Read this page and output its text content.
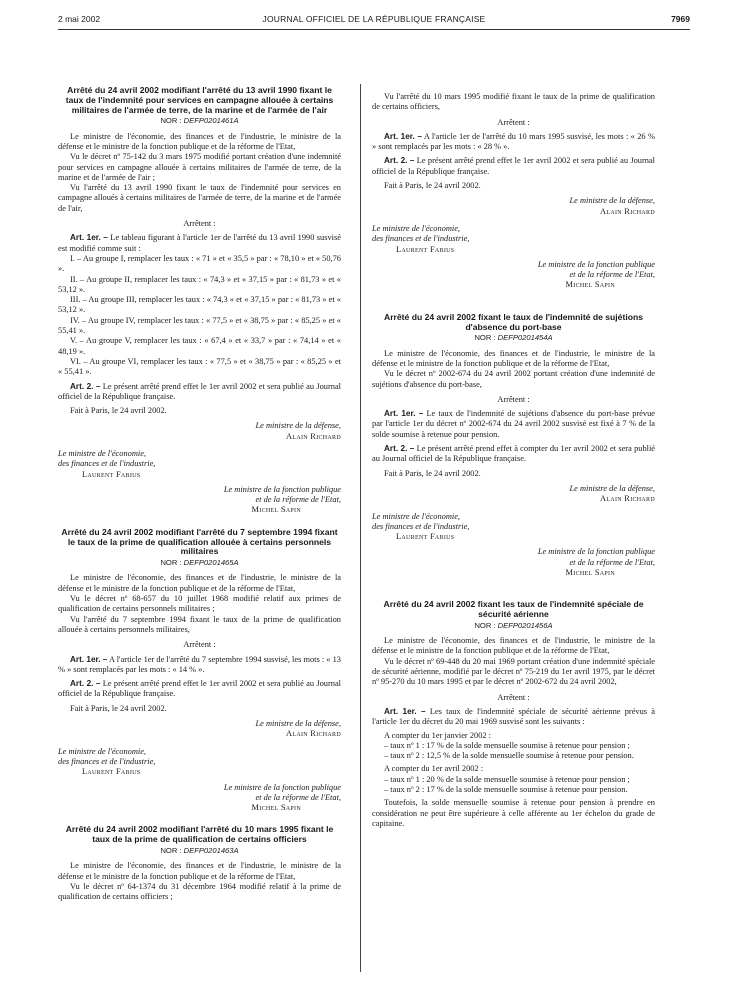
2 mai 2002	JOURNAL OFFICIEL DE LA RÉPUBLIQUE FRANÇAISE	7969

Arrêté du 24 avril 2002 modifiant l'arrêté du 13 avril 1990 fixant le taux de l'indemnité pour services en campagne allouée à certains militaires de l'armée de terre, de la marine et de l'armée de l'air

NOR : DEFP0201461A

Le ministre de l'économie, des finances et de l'industrie, le ministre de la défense et le ministre de la fonction publique et de la réforme de l'Etat,

Vu le décret nº 75-142 du 3 mars 1975 modifié portant création d'une indemnité pour services en campagne allouée à certains militaires de l'armée de terre, de la marine et de l'armée de l'air ;

Vu l'arrêté du 13 avril 1990 fixant le taux de l'indemnité pour services en campagne alloués à certains militaires de l'armée de terre, de la marine et de l'armée de l'air,

Arrêtent :

Art. 1er. – Le tableau figurant à l'article 1er de l'arrêté du 13 avril 1990 susvisé est modifié comme suit :

I. – Au groupe I, remplacer les taux : « 71 » et « 35,5 » par : « 78,10 » et « 50,76 ».

II. – Au groupe II, remplacer les taux : « 74,3 » et « 37,15 » par : « 81,73 » et « 53,12 ».

III. – Au groupe III, remplacer les taux : « 74,3 » et « 37,15 » par : « 81,73 » et « 53,12 ».

IV. – Au groupe IV, remplacer les taux : « 77,5 » et « 38,75 » par : « 85,25 » et « 55,41 ».

V. – Au groupe V, remplacer les taux : « 67,4 » et « 33,7 » par : « 74,14 » et « 48,19 ».

VI. – Au groupe VI, remplacer les taux : « 77,5 » et « 38,75 » par : « 85,25 » et « 55,41 ».

Art. 2. – Le présent arrêté prend effet le 1er avril 2002 et sera publié au Journal officiel de la République française.

Fait à Paris, le 24 avril 2002.

Le ministre de la défense,
Alain Richard
Le ministre de l'économie,
des finances et de l'industrie,
Laurent Fabius
Le ministre de la fonction publique
et de la réforme de l'Etat,
Michel Sapin

Arrêté du 24 avril 2002 modifiant l'arrêté du 7 septembre 1994 fixant le taux de la prime de qualification allouée à certains personnels militaires

NOR : DEFP0201465A

Le ministre de l'économie, des finances et de l'industrie, le ministre de la défense et le ministre de la fonction publique et de la réforme de l'Etat,

Vu le décret nº 68-657 du 10 juillet 1968 modifié relatif aux primes de qualification de certains personnels militaires ;

Vu l'arrêté du 7 septembre 1994 fixant le taux de la prime de qualification allouée à certains personnels militaires,

Arrêtent :

Art. 1er. – A l'article 1er de l'arrêté du 7 septembre 1994 susvisé, les mots : « 13 % » sont remplacés par les mots : « 14 % ».

Art. 2. – Le présent arrêté prend effet le 1er avril 2002 et sera publié au Journal officiel de la République française.

Fait à Paris, le 24 avril 2002.

Le ministre de la défense,
Alain Richard
Le ministre de l'économie,
des finances et de l'industrie,
Laurent Fabius
Le ministre de la fonction publique
et de la réforme de l'Etat,
Michel Sapin

Arrêté du 24 avril 2002 modifiant l'arrêté du 10 mars 1995 fixant le taux de la prime de qualification de certains officiers

NOR : DEFP0201463A

Le ministre de l'économie, des finances et de l'industrie, le ministre de la défense et le ministre de la fonction publique et de la réforme de l'Etat,

Vu le décret nº 64-1374 du 31 décembre 1964 modifié relatif à la prime de qualification de certains officiers ;

Vu l'arrêté du 10 mars 1995 modifié fixant le taux de la prime de qualification de certains officiers,

Arrêtent :

Art. 1er. – A l'article 1er de l'arrêté du 10 mars 1995 susvisé, les mots : « 26 % » sont remplacés par les mots : « 28 % ».

Art. 2. – Le présent arrêté prend effet le 1er avril 2002 et sera publié au Journal officiel de la République française.

Fait à Paris, le 24 avril 2002.

Le ministre de la défense,
Alain Richard
Le ministre de l'économie,
des finances et de l'industrie,
Laurent Fabius
Le ministre de la fonction publique
et de la réforme de l'Etat,
Michel Sapin

Arrêté du 24 avril 2002 fixant le taux de l'indemnité de sujétions d'absence du port-base

NOR : DEFP0201454A

Le ministre de l'économie, des finances et de l'industrie, le ministre de la défense et le ministre de la fonction publique et de la réforme de l'Etat,

Vu le décret nº 2002-674 du 24 avril 2002 portant création d'une indemnité de sujétions d'absence du port-base,

Arrêtent :

Art. 1er. – Le taux de l'indemnité de sujétions d'absence du port-base prévue par l'article 1er du décret nº 2002-674 du 24 avril 2002 susvisé est fixé à 7 % de la solde soumise à retenue pour pension.

Art. 2. – Le présent arrêté prend effet à compter du 1er avril 2002 et sera publié au Journal officiel de la République française.

Fait à Paris, le 24 avril 2002.

Le ministre de la défense,
Alain Richard
Le ministre de l'économie,
des finances et de l'industrie,
Laurent Fabius
Le ministre de la fonction publique
et de la réforme de l'Etat,
Michel Sapin

Arrêté du 24 avril 2002 fixant les taux de l'indemnité spéciale de sécurité aérienne

NOR : DEFP0201456A

Le ministre de l'économie, des finances et de l'industrie, le ministre de la défense et le ministre de la fonction publique et de la réforme de l'Etat,

Vu le décret nº 69-448 du 20 mai 1969 portant création d'une indemnité spéciale de sécurité aérienne, modifié par le décret nº 75-219 du 1er avril 1975, par le décret nº 95-270 du 10 mars 1995 et par le décret nº 2002-672 du 24 avril 2002,

Arrêtent :

Art. 1er. – Les taux de l'indemnité spéciale de sécurité aérienne prévus à l'article 1er du décret du 20 mai 1969 susvisé sont les suivants :

A compter du 1er janvier 2002 :

– taux nº 1 : 17 % de la solde mensuelle soumise à retenue pour pension ;

– taux nº 2 : 12,5 % de la solde mensuelle soumise à retenue pour pension.

A compter du 1er avril 2002 :

– taux nº 1 : 20 % de la solde mensuelle soumise à retenue pour pension ;

– taux nº 2 : 17 % de la solde mensuelle soumise à retenue pour pension.

Toutefois, la solde mensuelle soumise à retenue pour pension à prendre en considération ne peut être supérieure à celle afférente au 1er échelon du grade de capitaine.
